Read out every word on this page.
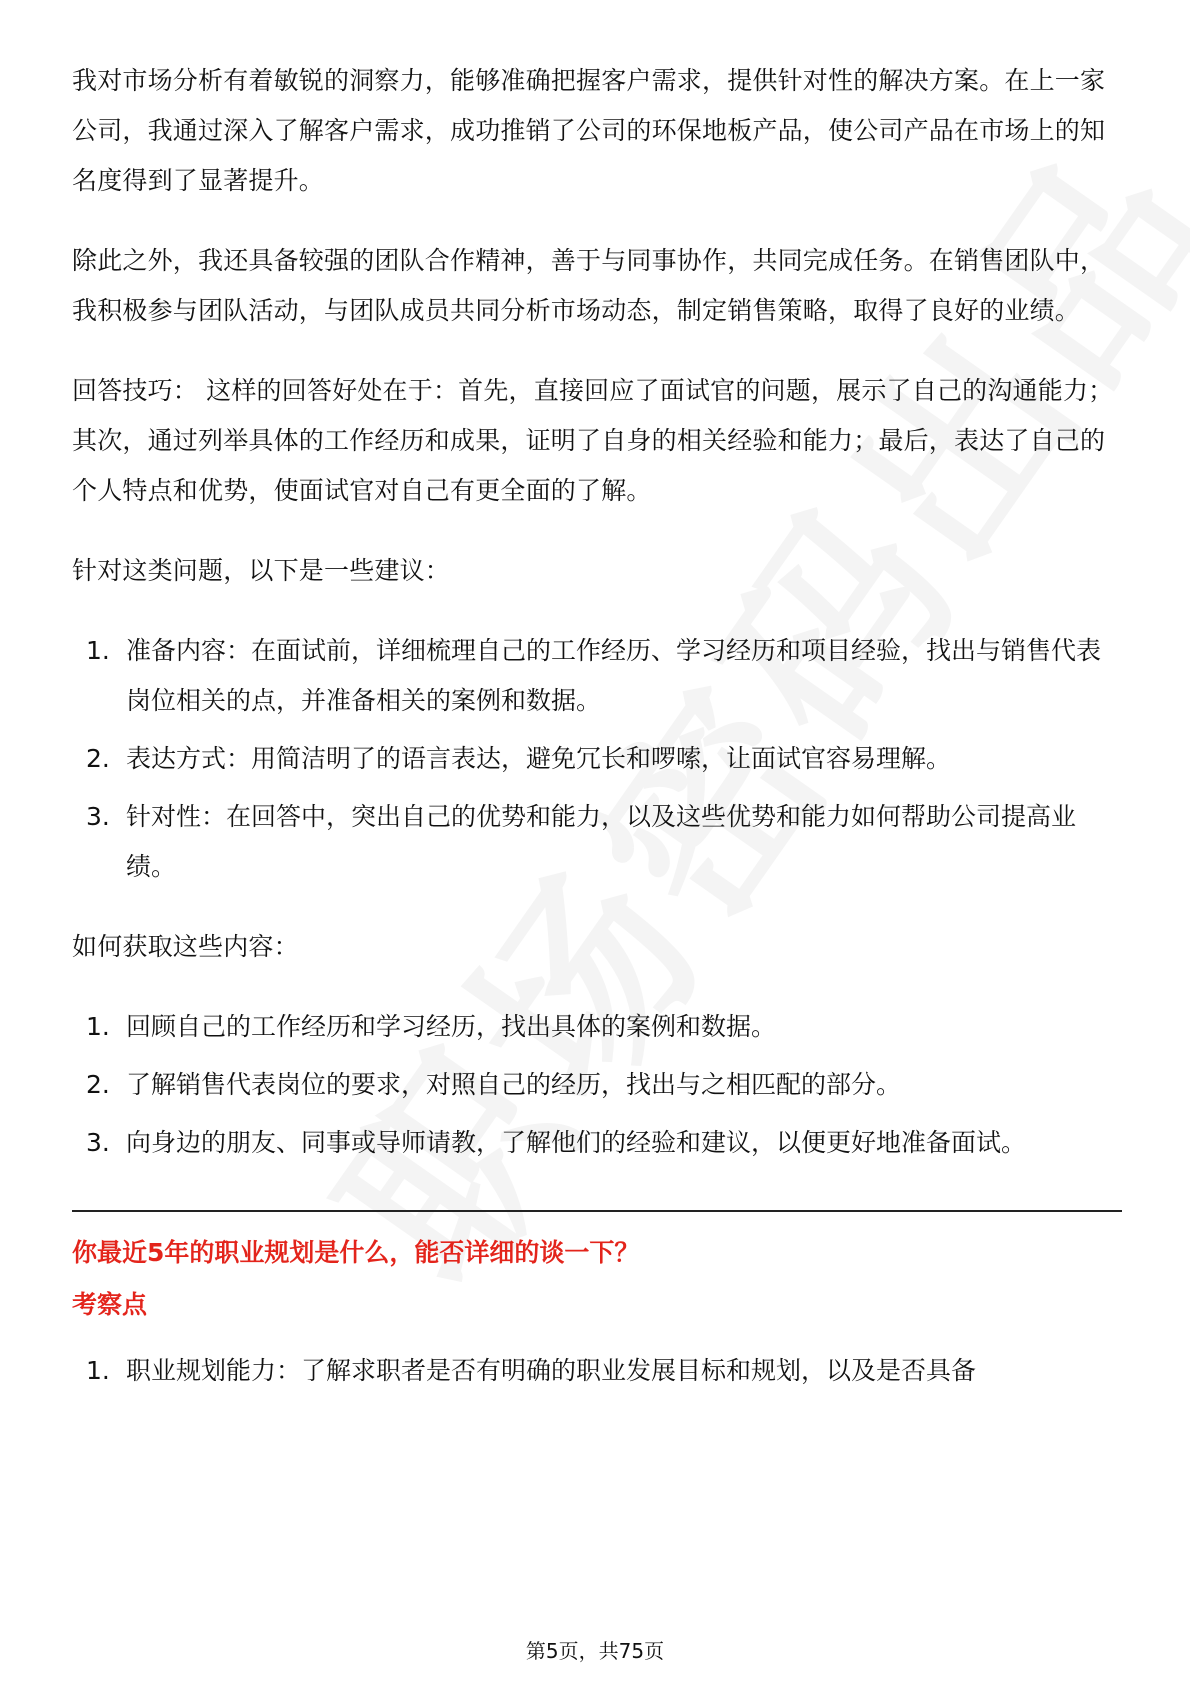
我对市场分析有着敏锐的洞察力，能够准确把握客户需求，提供针对性的解决方案。在上一家公司，我通过深入了解客户需求，成功推销了公司的环保地板产品，使公司产品在市场上的知名度得到了显著提升。

除此之外，我还具备较强的团队合作精神，善于与同事协作，共同完成任务。在销售团队中，我积极参与团队活动，与团队成员共同分析市场动态，制定销售策略，取得了良好的业绩。

回答技巧： 这样的回答好处在于：首先，直接回应了面试官的问题，展示了自己的沟通能力；其次，通过列举具体的工作经历和成果，证明了自身的相关经验和能力；最后，表达了自己的个人特点和优势，使面试官对自己有更全面的了解。

针对这类问题，以下是一些建议：

1. 准备内容：在面试前，详细梳理自己的工作经历、学习经历和项目经验，找出与销售代表岗位相关的点，并准备相关的案例和数据。
2. 表达方式：用简洁明了的语言表达，避免冗长和啰嗦，让面试官容易理解。
3. 针对性：在回答中，突出自己的优势和能力，以及这些优势和能力如何帮助公司提高业绩。

如何获取这些内容：

1. 回顾自己的工作经历和学习经历，找出具体的案例和数据。
2. 了解销售代表岗位的要求，对照自己的经历，找出与之相匹配的部分。
3. 向身边的朋友、同事或导师请教，了解他们的经验和建议，以便更好地准备面试。
你最近5年的职业规划是什么，能否详细的谈一下？
考察点
1. 职业规划能力：了解求职者是否有明确的职业发展目标和规划，以及是否具备
第5页，共75页
